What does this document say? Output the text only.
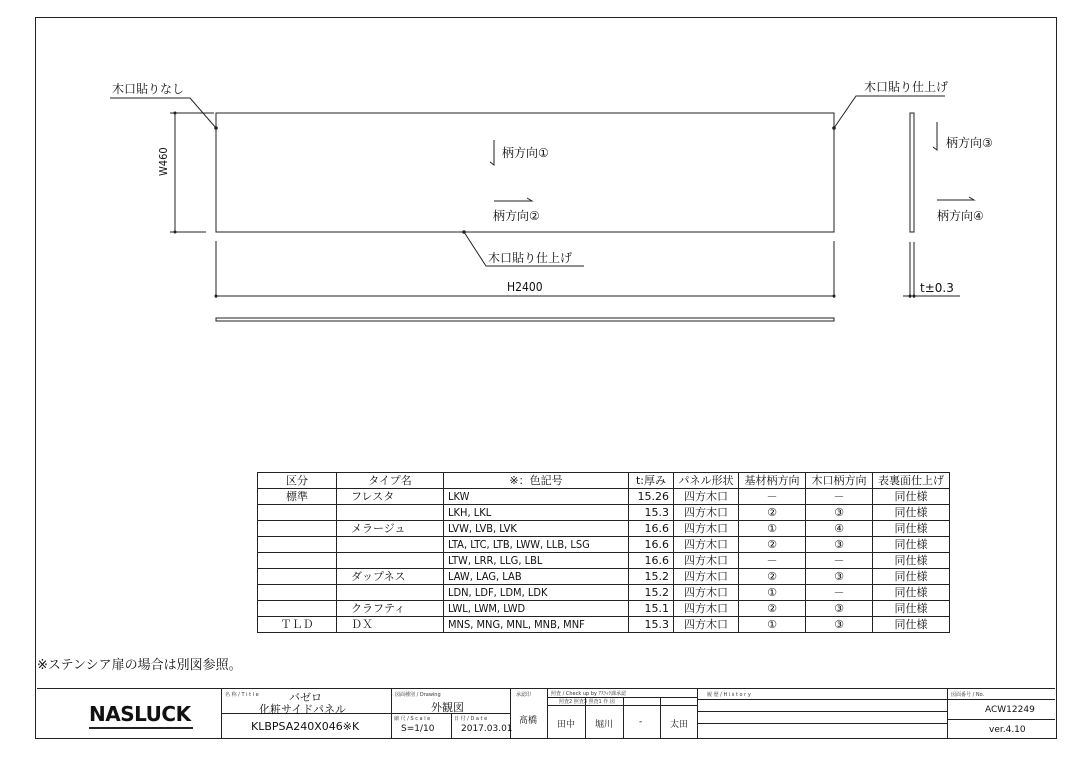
木口貼りなし	木口貼り仕上げ
木口貼り仕上げ
W460
H2400	t±0.3
柄方向①
柄方向②
柄方向③
柄方向④
区分	タイプ名	※：色記号	t:厚み	パネル形状	基材柄方向	木口柄方向	表裏面仕上げ
標準	フレスタ	LKW	15.26	四方木口	－	－	同仕様
		LKH, LKL	15.3	四方木口	②	③	同仕様
	メラージュ	LVW, LVB, LVK	16.6	四方木口	①	④	同仕様
		LTA, LTC, LTB, LWW, LLB, LSG	16.6	四方木口	②	③	同仕様
		LTW, LRR, LLG, LBL	16.6	四方木口	－	－	同仕様
	ダップネス	LAW, LAG, LAB	15.2	四方木口	②	③	同仕様
		LDN, LDF, LDM, LDK	15.2	四方木口	①	－	同仕様
	クラフティ	LWL, LWM, LWD	15.1	四方木口	②	③	同仕様
ＴＬＤ	ＤＸ	MNS, MNG, MNL, MNB, MNF	15.3	四方木口	①	③	同仕様
※ステンシア扉の場合は別図参照。
NASLUCK
名 称 / T i t l e	バゼロ
化粧サイドパネル
KLBPSA240X046※K
図面種別 / Drawing
外観図
縮 尺 / S c a l e
S=1/10
日 付 / D a t e
2017.03.01
承認印
髙橋
照査 / Check up by ｱｽﾗｯｸ課承認
照査2 照査3 照査1 作 図
田中 堀川	-	太田
履 歴 / H i s t o r y	図面番号 / No.
ACW12249
ver.4.10
